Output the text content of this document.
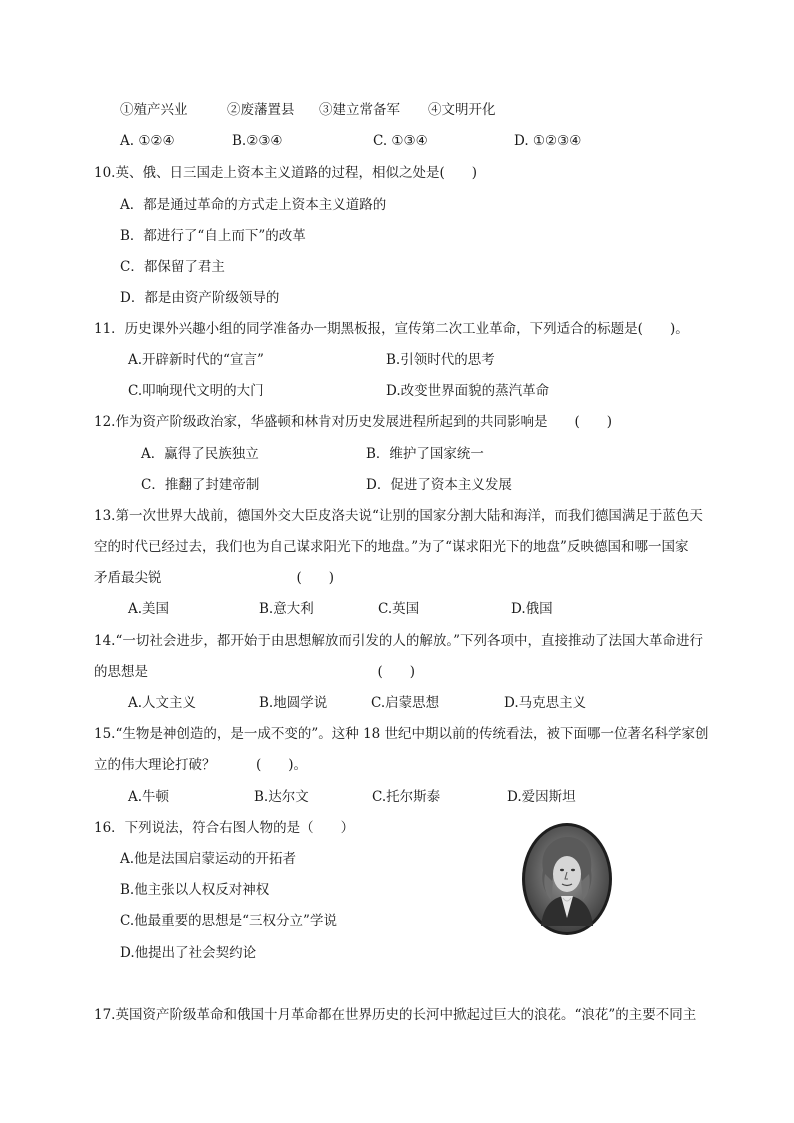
①殖产兴业	②废藩置县	③建立常备军	④文明开化
A. ①②④	B.②③④	C. ①③④	D. ①②③④
10.英、俄、日三国走上资本主义道路的过程，相似之处是(　　)
A．都是通过革命的方式走上资本主义道路的
B．都进行了“自上而下”的改革
C．都保留了君主
D．都是由资产阶级领导的
11．历史课外兴趣小组的同学准备办一期黑板报，宣传第二次工业革命，下列适合的标题是(　　)。
A.开辟新时代的“宣言”	B.引领时代的思考
C.叩响现代文明的大门	D.改变世界面貌的蒸汽革命
12.作为资产阶级政治家，华盛顿和林肯对历史发展进程所起到的共同影响是　　(　　)
A．赢得了民族独立	B．维护了国家统一
C．推翻了封建帝制	D．促进了资本主义发展
13.第一次世界大战前，德国外交大臣皮洛夫说“让别的国家分割大陆和海洋，而我们德国满足于蓝色天
空的时代已经过去，我们也为自己谋求阳光下的地盘。”为了“谋求阳光下的地盘”反映德国和哪一国家
矛盾最尖锐　　　　　　　　　　(　　)
A.美国	B.意大利	C.英国	D.俄国
14.“一切社会进步，都开始于由思想解放而引发的人的解放。”下列各项中，直接推动了法国大革命进行
的思想是　　　　　　　　　　　　　　　　　(　　)
A.人文主义	B.地圆学说	C.启蒙思想	D.马克思主义
15.“生物是神创造的，是一成不变的”。这种 18 世纪中期以前的传统看法，被下面哪一位著名科学家创
立的伟大理论打破？　　　(　　)。
A.牛顿	B.达尔文	C.托尔斯泰	D.爱因斯坦
16．下列说法，符合右图人物的是（　　）
A.他是法国启蒙运动的开拓者
B.他主张以人权反对神权
C.他最重要的思想是“三权分立”学说
D.他提出了社会契约论
17.英国资产阶级革命和俄国十月革命都在世界历史的长河中掀起过巨大的浪花。“浪花”的主要不同主
